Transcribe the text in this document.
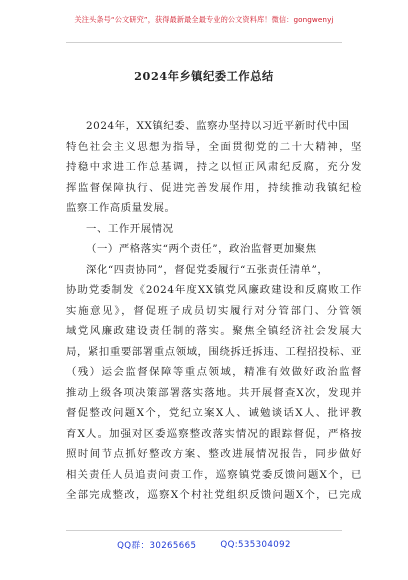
关注头条号“公文研究”，获得最新最全最专业的公文资料库！微信：gongwenyj
2024年乡镇纪委工作总结
2024年，XX镇纪委、监察办坚持以习近平新时代中国
特色社会主义思想为指导，全面贯彻党的二十大精神，坚
持稳中求进工作总基调，持之以恒正风肃纪反腐，充分发
挥监督保障执行、促进完善发展作用，持续推动我镇纪检
监察工作高质量发展。
一、工作开展情况
（一）严格落实“两个责任”，政治监督更加聚焦
深化“四责协同”，督促党委履行“五张责任清单”，
协助党委制发《2024年度XX镇党风廉政建设和反腐败工作
实施意见》，督促班子成员切实履行对分管部门、分管领
域党风廉政建设责任制的落实。聚焦全镇经济社会发展大
局，紧扣重要部署重点领域，围绕拆迁拆违、工程招投标、亚
（残）运会监督保障等重点领域，精准有效做好政治监督
推动上级各项决策部署落实落地。共开展督查X次，发现并
督促整改问题X个，党纪立案X人、诫勉谈话X人、批评教
育X人。加强对区委巡察整改落实情况的跟踪督促，严格按
照时间节点抓好整改方案、整改进展情况报告，同步做好
相关责任人员追责问责工作，巡察镇党委反馈问题X个，已
全部完成整改，巡察X个村社党组织反馈问题X个，已完成
QQ群：30265665	QQ:535304092
